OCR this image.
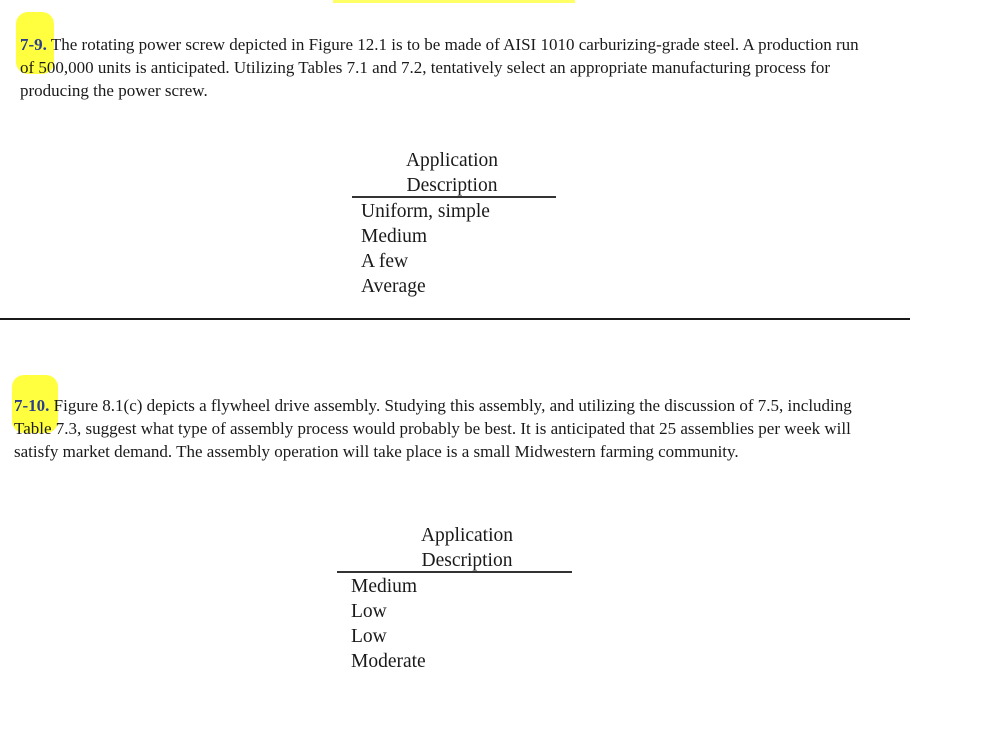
7-9. The rotating power screw depicted in Figure 12.1 is to be made of AISI 1010 carburizing-grade steel. A production run of 500,000 units is anticipated. Utilizing Tables 7.1 and 7.2, tentatively select an appropriate manufacturing process for producing the power screw.
Application
Description
Uniform, simple
Medium
A few
Average
7-10. Figure 8.1(c) depicts a flywheel drive assembly. Studying this assembly, and utilizing the discussion of 7.5, including Table 7.3, suggest what type of assembly process would probably be best. It is anticipated that 25 assemblies per week will satisfy market demand. The assembly operation will take place is a small Midwestern farming community.
Application
Description
Medium
Low
Low
Moderate
